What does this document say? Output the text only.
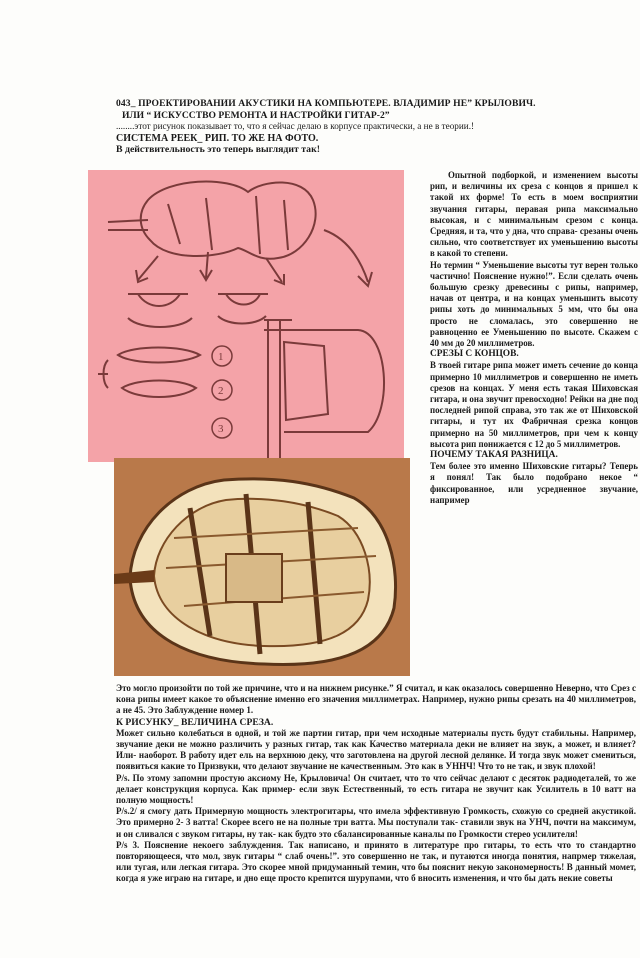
043_ ПРОЕКТИРОВАНИИ АКУСТИКИ НА КОМПЬЮТЕРЕ. ВЛАДИМИР НЕ” КРЫЛОВИЧ.
ИЛИ “ ИСКУССТВО РЕМОНТА И НАСТРОЙКИ ГИТАР-2”
........этот рисунок показывает то, что я сейчас делаю в корпусе практически, а не в теории.!
СИСТЕМА РЕЕК_ РИП. ТО ЖЕ НА ФОТО.
В действительность это теперь выглядит так!
1
2
3

Опытной подборкой, и изменением высоты рип, и величины их среза с концов я пришел к такой их форме! То есть в моем восприятии звучания гитары, перавая рипа максимально высокая, и с минимальным срезом с конца. Средняя, и та, что у дна, что справа- срезаны очень сильно, что соответствует их уменьшению высоты в какой то степени.

Но термин “ Уменьшение высоты тут верен только частично! Пояснение нужно!”. Если сделать очень большую срезку древесины с рипы, например, начав от центра, и на концах уменьшить высоту рипы хоть до минимальных 5 мм, что бы она просто не сломалась, это совершенно не равноценно ее Уменьшению по высоте. Скажем с 40 мм до 20 миллиметров.

СРЕЗЫ С КОНЦОВ.

В твоей гитаре рипа может иметь сечение до конца примерно 10 миллиметров и совершенно не иметь срезов на концах. У меня есть такая Шиховская гитара, и она звучит превосходно! Рейки на дне под последней рипой справа, это так же от Шиховской гитары, и тут их Фабричная срезка концов примерно на 50 миллиметров, при чем к концу высота рип понижается с 12 до 5 миллиметров.

ПОЧЕМУ ТАКАЯ РАЗНИЦА.

Тем более это именно Шиховские гитары? Теперь я понял! Так было подобрано некое “ фиксированное, или усредненное звучание, например

Это могло произойти по той же причине, что и на нижнем рисунке.” Я считал, и как оказалось совершенно Неверно, что Срез с кона рипы имеет какое то объяснение именно его значения миллиметрах. Например, нужно рипы срезать на 40 миллиметров, а не 45. Это Заблуждение номер 1.

К РИСУНКУ_ ВЕЛИЧИНА СРЕЗА.

Может сильно колебаться в одной, и той же партии гитар, при чем исходные материалы пусть будут стабильны. Например, звучание деки не можно различить у разных гитар, так как Качество материала деки не влияет на звук, а может, и влияет? Или- наоборот. В работу идет ель на верхнюю деку, что заготовлена на другой лесной делянке. И тогда звук может смениться, появиться какие то Призвуки, что делают звучание не качественным. Это как в УННЧ! Что то не так, и звук плохой!

P/s. По этому запомни простую аксиому Не, Крыловича! Он считает, что то что сейчас делают с десяток радиодеталей, то же делает конструкция корпуса. Как пример- если звук Естественный, то есть гитара не звучит как Усилитель в 10 ватт на полную мощность!

P/s.2/ я смогу дать Примерную мощность электрогитары, что имела эффективную Громкость, схожую со средней акустикой. Это примерно 2- 3 ватта! Скорее всего не на полные три ватта. Мы поступали так- ставили звук на УНЧ, почти на максимум, и он сливался с звуком гитары, ну так- как будто это сбалансированные каналы по Громкости стерео усилителя!

P/s 3. Пояснение некоего заблуждения. Так написано, и принято в литературе про гитары, то есть что то стандартно повторяющееся, что мол, звук гитары “ слаб очень!”. это совершенно не так, и путаются иногда понятия, напрмер тяжелая, или тугая, или легкая гитара. Это скорее мной придуманный темин, что бы пояснит некую закономерность! В данный момет, когда я уже играю на гитаре, и дно еще просто крепится шурупами, что б вносить изменения, и что бы дать некие советы
